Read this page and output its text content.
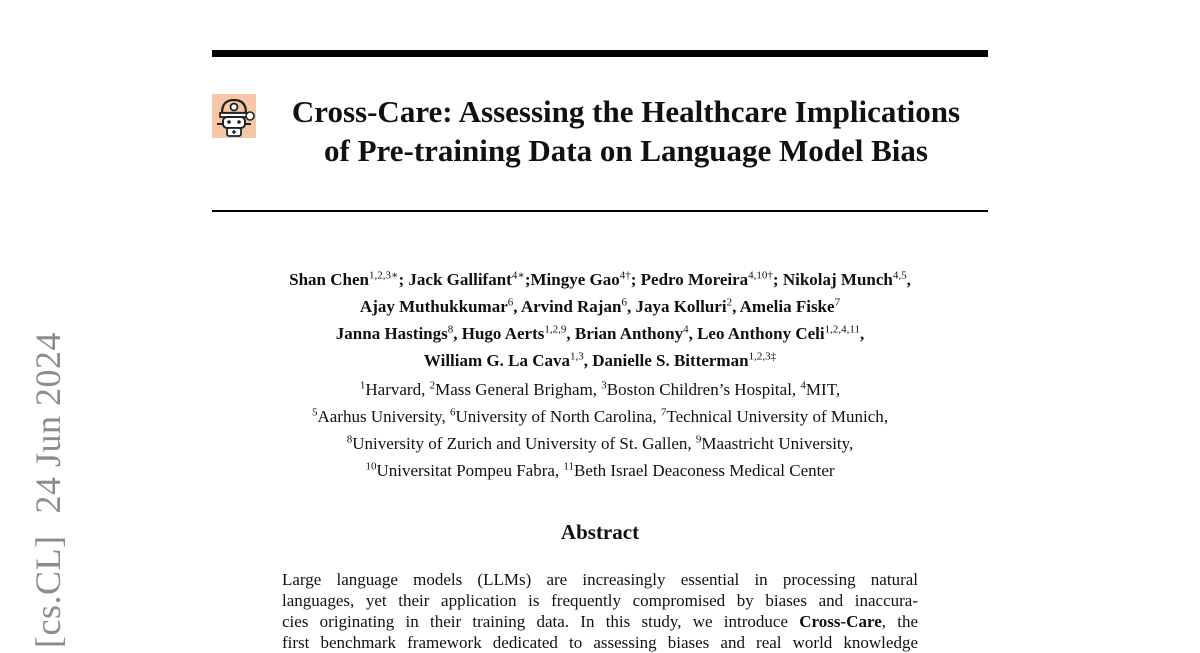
[cs.CL]24 Jun 2024
Cross-Care: Assessing the Healthcare Implications
of Pre-training Data on Language Model Bias
Shan Chen$^{1,2,3∗}$; Jack Gallifant$^{4∗}$;Mingye Gao$^{4\dagger}$; Pedro Moreira$^{4,10\dagger}$; Nikolaj Munch$^{4,5}$,
Ajay Muthukkumar$^6$, Arvind Rajan$^6$, Jaya Kolluri$^2$, Amelia Fiske$^7$
Janna Hastings$^8$, Hugo Aerts$^{1,2,9}$, Brian Anthony$^4$, Leo Anthony Celi$^{1,2,4,11}$,
William G. La Cava$^{1,3}$, Danielle S. Bitterman$^{1,2,3\ddagger}$
$^1$Harvard, $^2$Mass General Brigham, $^3$Boston Children’s Hospital, $^4$MIT,
$^5$Aarhus University, $^6$University of North Carolina, $^7$Technical University of Munich,
$^8$University of Zurich and University of St. Gallen, $^9$Maastricht University,
$^{10}$Universitat Pompeu Fabra, $^{11}$Beth Israel Deaconess Medical Center
Abstract

Large language models (LLMs) are increasingly essential in processing natural
languages, yet their application is frequently compromised by biases and inaccura-
cies originating in their training data. In this study, we introduce Cross-Care, the
first benchmark framework dedicated to assessing biases and real world knowledge
